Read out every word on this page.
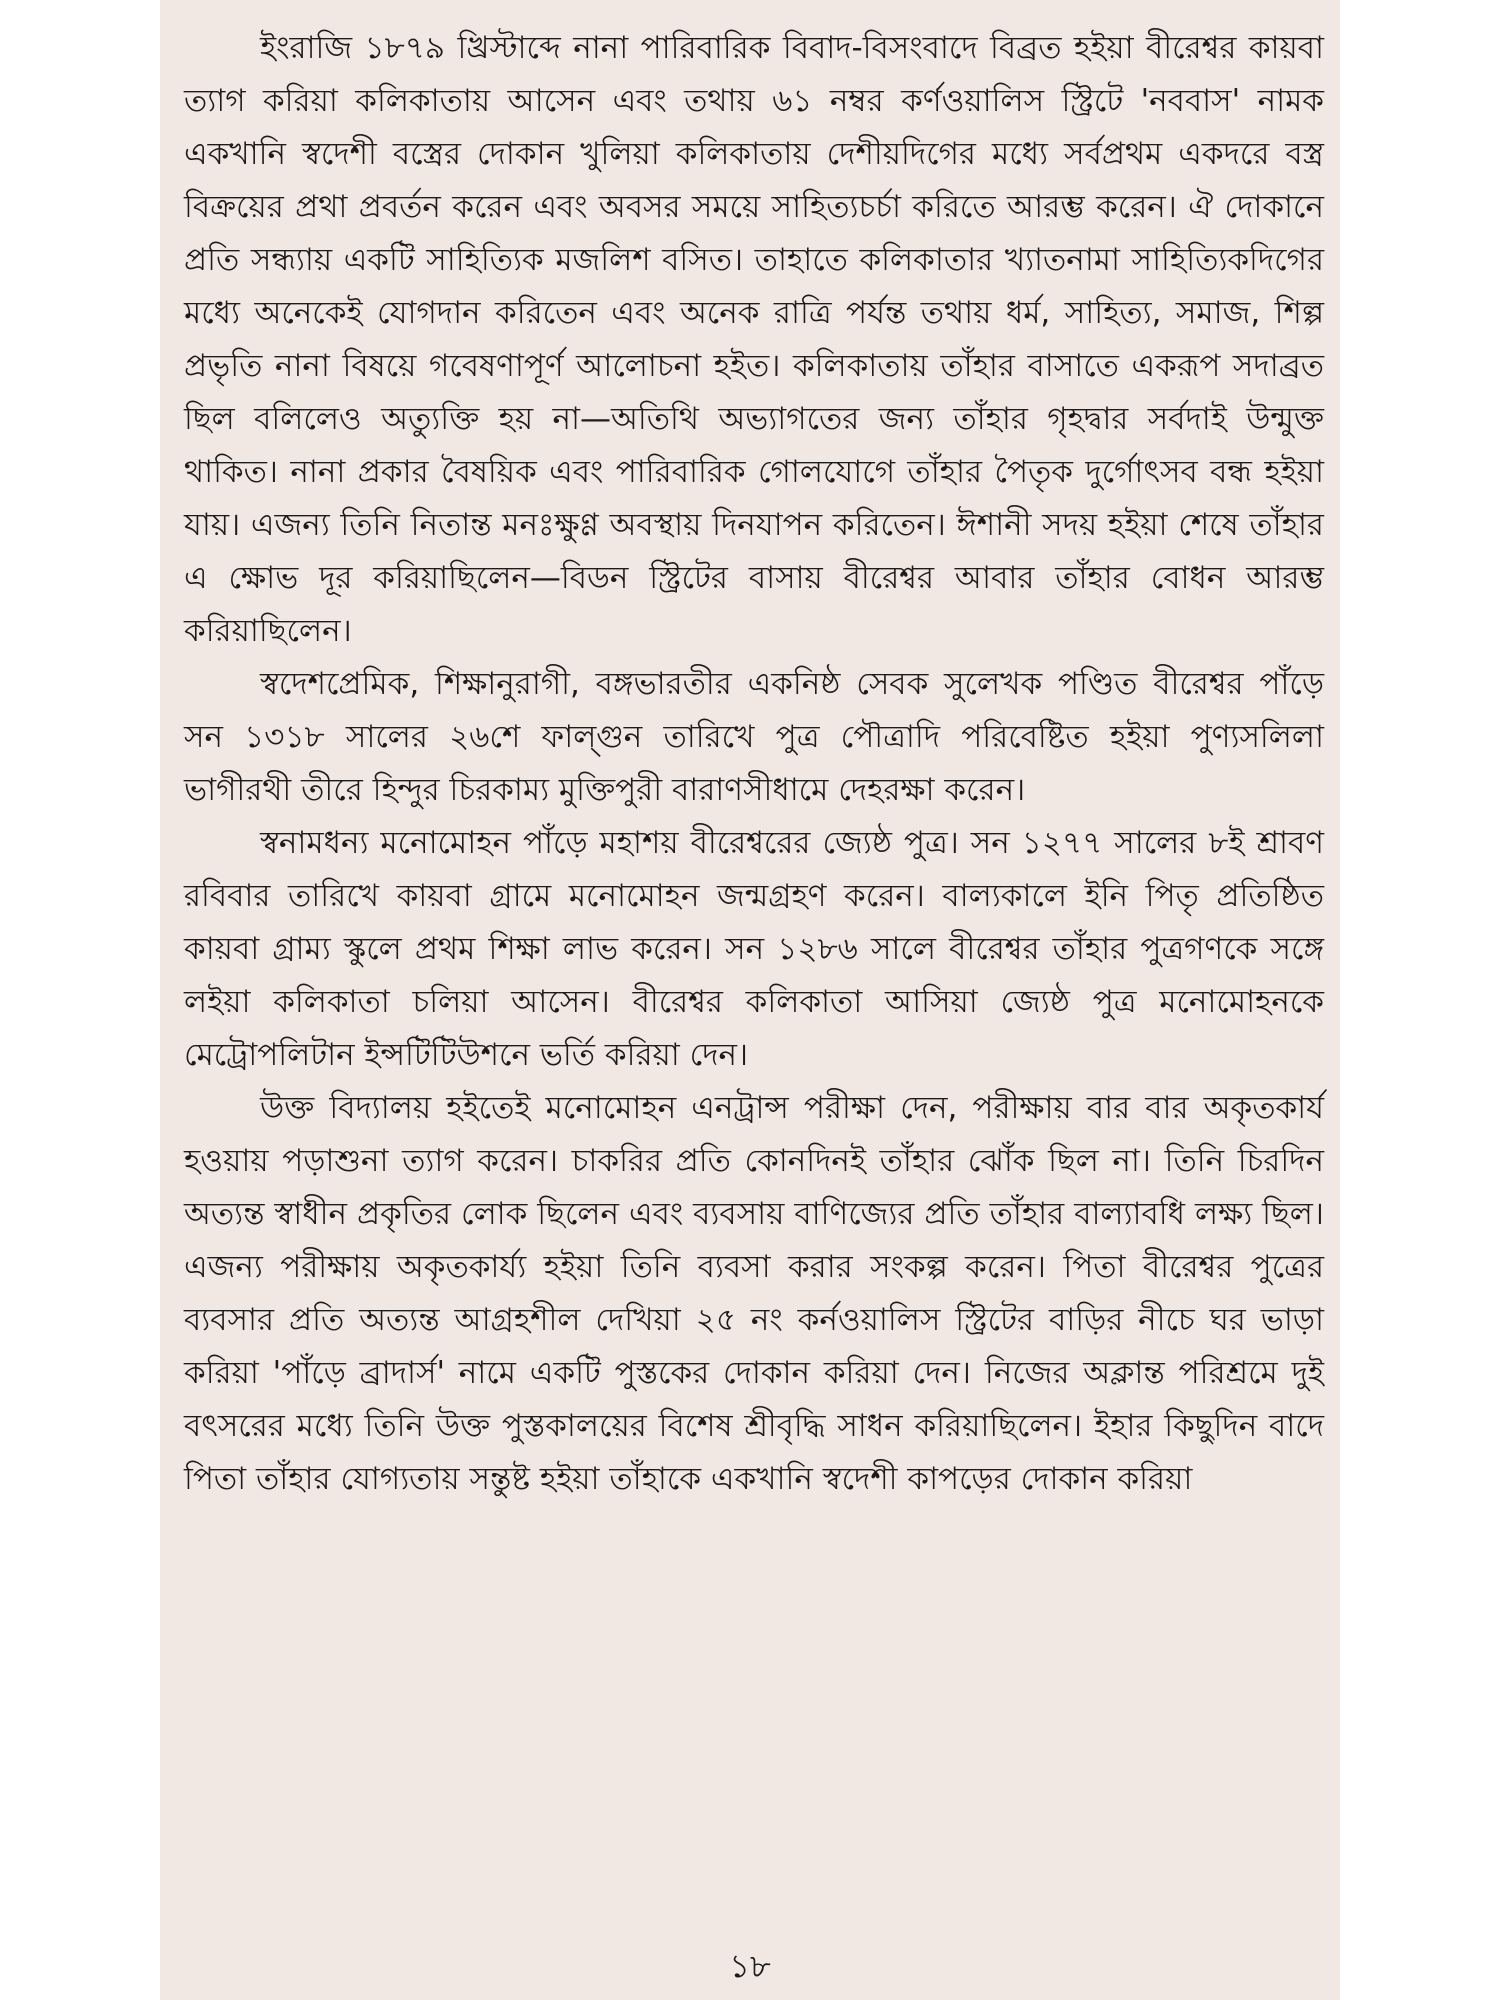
ইংরাজি ১৮৭৯ খ্রিস্টাব্দে নানা পারিবারিক বিবাদ-বিসংবাদে বিব্রত হইয়া বীরেশ্বর কায়বা ত্যাগ করিয়া কলিকাতায় আসেন এবং তথায় ৬১ নম্বর কর্ণওয়ালিস স্ট্রিটে 'নববাস' নামক একখানি স্বদেশী বস্ত্রের দোকান খুলিয়া কলিকাতায় দেশীয়দিগের মধ্যে সর্বপ্রথম একদরে বস্ত্র বিক্রয়ের প্রথা প্রবর্তন করেন এবং অবসর সময়ে সাহিত্যচর্চা করিতে আরম্ভ করেন। ঐ দোকানে প্রতি সন্ধ্যায় একটি সাহিত্যিক মজলিশ বসিত। তাহাতে কলিকাতার খ্যাতনামা সাহিত্যিকদিগের মধ্যে অনেকেই যোগদান করিতেন এবং অনেক রাত্রি পর্যন্ত তথায় ধর্ম, সাহিত্য, সমাজ, শিল্প প্রভৃতি নানা বিষয়ে গবেষণাপূর্ণ আলোচনা হইত। কলিকাতায় তাঁহার বাসাতে একরূপ সদাব্রত ছিল বলিলেও অত্যুক্তি হয় না—অতিথি অভ্যাগতের জন্য তাঁহার গৃহদ্বার সর্বদাই উন্মুক্ত থাকিত। নানা প্রকার বৈষয়িক এবং পারিবারিক গোলযোগে তাঁহার পৈতৃক দুর্গোৎসব বন্ধ হইয়া যায়। এজন্য তিনি নিতান্ত মনঃক্ষুণ্ণ অবস্থায় দিনযাপন করিতেন। ঈশানী সদয় হইয়া শেষে তাঁহার এ ক্ষোভ দূর করিয়াছিলেন—বিডন স্ট্রিটের বাসায় বীরেশ্বর আবার তাঁহার বোধন আরম্ভ করিয়াছিলেন।

স্বদেশপ্রেমিক, শিক্ষানুরাগী, বঙ্গভারতীর একনিষ্ঠ সেবক সুলেখক পণ্ডিত বীরেশ্বর পাঁড়ে সন ১৩১৮ সালের ২৬শে ফাল্গুন তারিখে পুত্র পৌত্রাদি পরিবেষ্টিত হইয়া পুণ্যসলিলা ভাগীরথী তীরে হিন্দুর চিরকাম্য মুক্তিপুরী বারাণসীধামে দেহরক্ষা করেন।

স্বনামধন্য মনোমোহন পাঁড়ে মহাশয় বীরেশ্বরের জ্যেষ্ঠ পুত্র। সন ১২৭৭ সালের ৮ই শ্রাবণ রবিবার তারিখে কায়বা গ্রামে মনোমোহন জন্মগ্রহণ করেন। বাল্যকালে ইনি পিতৃ প্রতিষ্ঠিত কায়বা গ্রাম্য স্কুলে প্রথম শিক্ষা লাভ করেন। সন ১২৮৬ সালে বীরেশ্বর তাঁহার পুত্রগণকে সঙ্গে লইয়া কলিকাতা চলিয়া আসেন। বীরেশ্বর কলিকাতা আসিয়া জ্যেষ্ঠ পুত্র মনোমোহনকে মেট্রোপলিটান ইন্সটিটিউশনে ভর্তি করিয়া দেন।

উক্ত বিদ্যালয় হইতেই মনোমোহন এনট্রান্স পরীক্ষা দেন, পরীক্ষায় বার বার অকৃতকার্য হওয়ায় পড়াশুনা ত্যাগ করেন। চাকরির প্রতি কোনদিনই তাঁহার ঝোঁক ছিল না। তিনি চিরদিন অত্যন্ত স্বাধীন প্রকৃতির লোক ছিলেন এবং ব্যবসায় বাণিজ্যের প্রতি তাঁহার বাল্যাবধি লক্ষ্য ছিল। এজন্য পরীক্ষায় অকৃতকার্য্য হইয়া তিনি ব্যবসা করার সংকল্প করেন। পিতা বীরেশ্বর পুত্রের ব্যবসার প্রতি অত্যন্ত আগ্রহশীল দেখিয়া ২৫ নং কর্নওয়ালিস স্ট্রিটের বাড়ির নীচে ঘর ভাড়া করিয়া 'পাঁড়ে ব্রাদার্স' নামে একটি পুস্তকের দোকান করিয়া দেন। নিজের অক্লান্ত পরিশ্রমে দুই বৎসরের মধ্যে তিনি উক্ত পুস্তকালয়ের বিশেষ শ্রীবৃদ্ধি সাধন করিয়াছিলেন। ইহার কিছুদিন বাদে পিতা তাঁহার যোগ্যতায় সন্তুষ্ট হইয়া তাঁহাকে একখানি স্বদেশী কাপড়ের দোকান করিয়া

১৮
